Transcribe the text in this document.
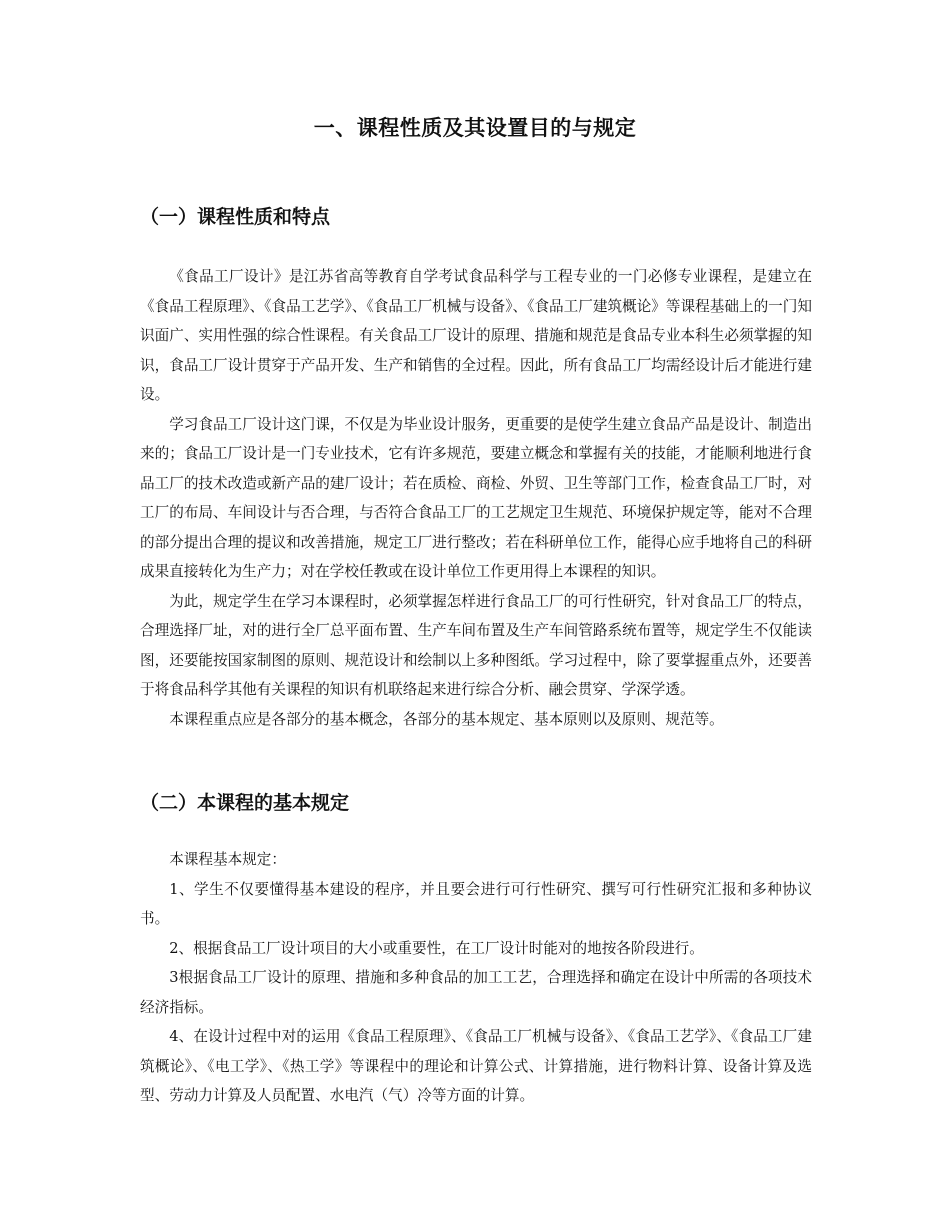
一、课程性质及其设置目的与规定
（一）课程性质和特点

《食品工厂设计》是江苏省高等教育自学考试食品科学与工程专业的一门必修专业课程，是建立在《食品工程原理》、《食品工艺学》、《食品工厂机械与设备》、《食品工厂建筑概论》等课程基础上的一门知识面广、实用性强的综合性课程。有关食品工厂设计的原理、措施和规范是食品专业本科生必须掌握的知识，食品工厂设计贯穿于产品开发、生产和销售的全过程。因此，所有食品工厂均需经设计后才能进行建设。

学习食品工厂设计这门课，不仅是为毕业设计服务，更重要的是使学生建立食品产品是设计、制造出来的；食品工厂设计是一门专业技术，它有许多规范，要建立概念和掌握有关的技能，才能顺利地进行食品工厂的技术改造或新产品的建厂设计；若在质检、商检、外贸、卫生等部门工作，检查食品工厂时，对工厂的布局、车间设计与否合理，与否符合食品工厂的工艺规定卫生规范、环境保护规定等，能对不合理的部分提出合理的提议和改善措施，规定工厂进行整改；若在科研单位工作，能得心应手地将自己的科研成果直接转化为生产力；对在学校任教或在设计单位工作更用得上本课程的知识。

为此，规定学生在学习本课程时，必须掌握怎样进行食品工厂的可行性研究，针对食品工厂的特点，合理选择厂址，对的进行全厂总平面布置、生产车间布置及生产车间管路系统布置等，规定学生不仅能读图，还要能按国家制图的原则、规范设计和绘制以上多种图纸。学习过程中，除了要掌握重点外，还要善于将食品科学其他有关课程的知识有机联络起来进行综合分析、融会贯穿、学深学透。

本课程重点应是各部分的基本概念，各部分的基本规定、基本原则以及原则、规范等。

（二）本课程的基本规定

本课程基本规定：

1、学生不仅要懂得基本建设的程序，并且要会进行可行性研究、撰写可行性研究汇报和多种协议书。

2、根据食品工厂设计项目的大小或重要性，在工厂设计时能对的地按各阶段进行。

3根据食品工厂设计的原理、措施和多种食品的加工工艺，合理选择和确定在设计中所需的各项技术经济指标。

4、在设计过程中对的运用《食品工程原理》、《食品工厂机械与设备》、《食品工艺学》、《食品工厂建筑概论》、《电工学》、《热工学》等课程中的理论和计算公式、计算措施，进行物料计算、设备计算及选型、劳动力计算及人员配置、水电汽（气）冷等方面的计算。
